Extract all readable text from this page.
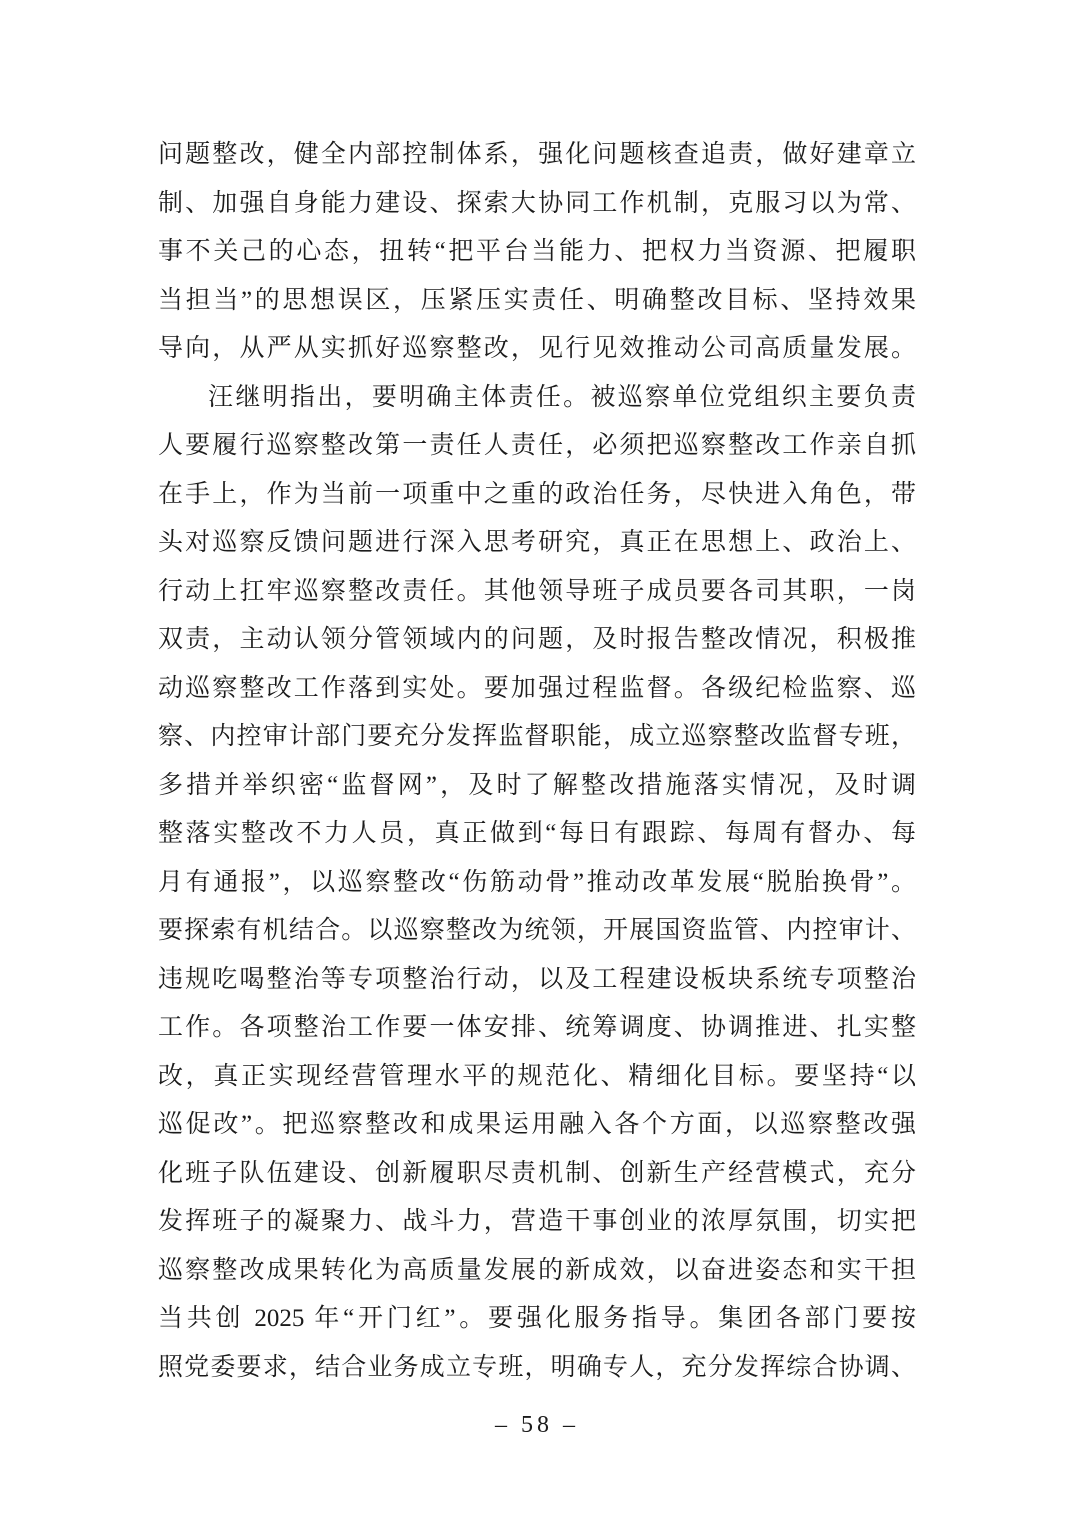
问题整改，健全内部控制体系，强化问题核查追责，做好建章立
制、加强自身能力建设、探索大协同工作机制，克服习以为常、
事不关己的心态，扭转“把平台当能力、把权力当资源、把履职
当担当”的思想误区，压紧压实责任、明确整改目标、坚持效果
导向，从严从实抓好巡察整改，见行见效推动公司高质量发展。
汪继明指出，要明确主体责任。被巡察单位党组织主要负责
人要履行巡察整改第一责任人责任，必须把巡察整改工作亲自抓
在手上，作为当前一项重中之重的政治任务，尽快进入角色，带
头对巡察反馈问题进行深入思考研究，真正在思想上、政治上、
行动上扛牢巡察整改责任。其他领导班子成员要各司其职，一岗
双责，主动认领分管领域内的问题，及时报告整改情况，积极推
动巡察整改工作落到实处。要加强过程监督。各级纪检监察、巡
察、内控审计部门要充分发挥监督职能，成立巡察整改监督专班，
多措并举织密“监督网”，及时了解整改措施落实情况，及时调
整落实整改不力人员，真正做到“每日有跟踪、每周有督办、每
月有通报”，以巡察整改“伤筋动骨”推动改革发展“脱胎换骨”。
要探索有机结合。以巡察整改为统领，开展国资监管、内控审计、
违规吃喝整治等专项整治行动，以及工程建设板块系统专项整治
工作。各项整治工作要一体安排、统筹调度、协调推进、扎实整
改，真正实现经营管理水平的规范化、精细化目标。要坚持“以
巡促改”。把巡察整改和成果运用融入各个方面，以巡察整改强
化班子队伍建设、创新履职尽责机制、创新生产经营模式，充分
发挥班子的凝聚力、战斗力，营造干事创业的浓厚氛围，切实把
巡察整改成果转化为高质量发展的新成效，以奋进姿态和实干担
当共创 2025 年“开门红”。要强化服务指导。集团各部门要按
照党委要求，结合业务成立专班，明确专人，充分发挥综合协调、
– 58 –
